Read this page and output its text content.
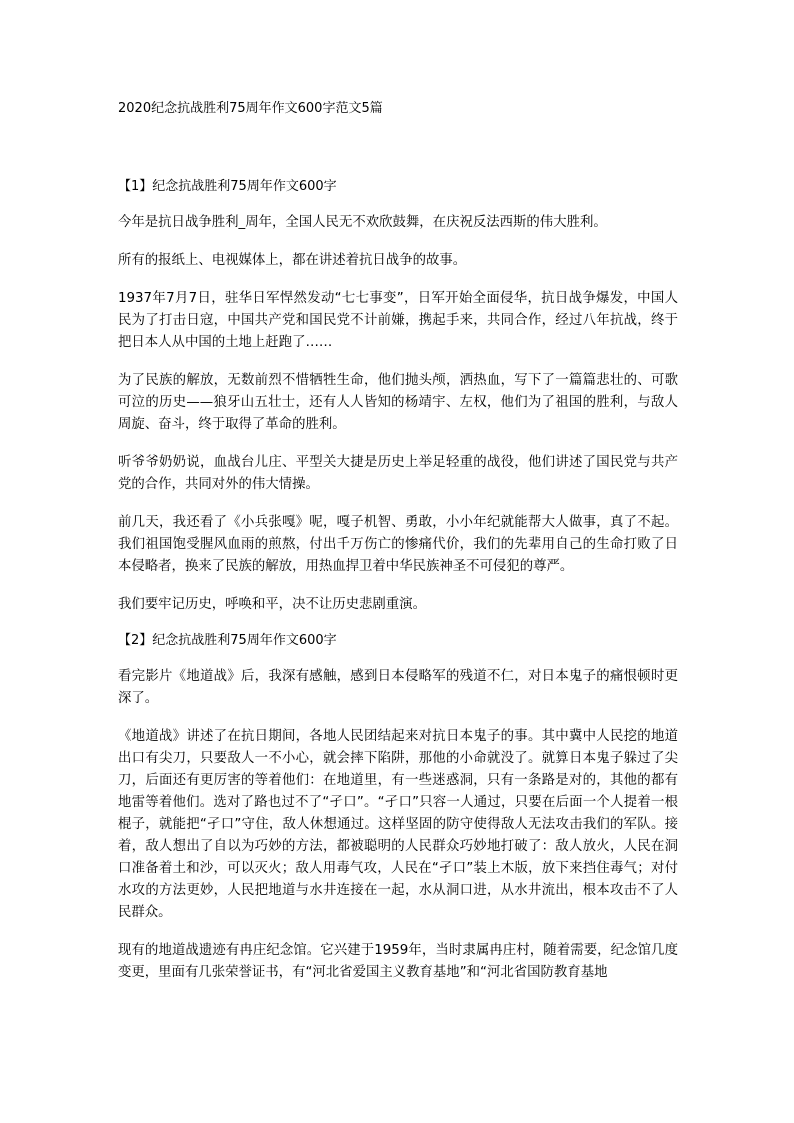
2020纪念抗战胜利75周年作文600字范文5篇
【1】纪念抗战胜利75周年作文600字

今年是抗日战争胜利_周年，全国人民无不欢欣鼓舞，在庆祝反法西斯的伟大胜利。

所有的报纸上、电视媒体上，都在讲述着抗日战争的故事。

1937年7月7日，驻华日军悍然发动“七七事变”，日军开始全面侵华，抗日战争爆发，中国人民为了打击日寇，中国共产党和国民党不计前嫌，携起手来，共同合作，经过八年抗战，终于把日本人从中国的土地上赶跑了……

为了民族的解放，无数前烈不惜牺牲生命，他们抛头颅，洒热血，写下了一篇篇悲壮的、可歌可泣的历史——狼牙山五壮士，还有人人皆知的杨靖宇、左权，他们为了祖国的胜利，与敌人周旋、奋斗，终于取得了革命的胜利。

听爷爷奶奶说，血战台儿庄、平型关大捷是历史上举足轻重的战役，他们讲述了国民党与共产党的合作，共同对外的伟大情操。

前几天，我还看了《小兵张嘎》呢，嘎子机智、勇敢，小小年纪就能帮大人做事，真了不起。我们祖国饱受腥风血雨的煎熬，付出千万伤亡的惨痛代价，我们的先辈用自己的生命打败了日本侵略者，换来了民族的解放，用热血捍卫着中华民族神圣不可侵犯的尊严。

我们要牢记历史，呼唤和平，决不让历史悲剧重演。

【2】纪念抗战胜利75周年作文600字

看完影片《地道战》后，我深有感触，感到日本侵略军的残道不仁，对日本鬼子的痛恨顿时更深了。

《地道战》讲述了在抗日期间，各地人民团结起来对抗日本鬼子的事。其中冀中人民挖的地道出口有尖刀，只要敌人一不小心，就会摔下陷阱，那他的小命就没了。就算日本鬼子躲过了尖刀，后面还有更厉害的等着他们：在地道里，有一些迷惑洞，只有一条路是对的，其他的都有地雷等着他们。选对了路也过不了“孑口”。“孑口”只容一人通过，只要在后面一个人提着一根棍子，就能把“孑口”守住，敌人休想通过。这样坚固的防守使得敌人无法攻击我们的军队。接着，敌人想出了自以为巧妙的方法，都被聪明的人民群众巧妙地打破了：敌人放火，人民在洞口准备着土和沙，可以灭火；敌人用毒气攻，人民在“孑口”装上木版，放下来挡住毒气；对付水攻的方法更妙，人民把地道与水井连接在一起，水从洞口进，从水井流出，根本攻击不了人民群众。

现有的地道战遗迹有冉庄纪念馆。它兴建于1959年，当时隶属冉庄村，随着需要，纪念馆几度变更，里面有几张荣誉证书，有“河北省爱国主义教育基地”和“河北省国防教育基地
